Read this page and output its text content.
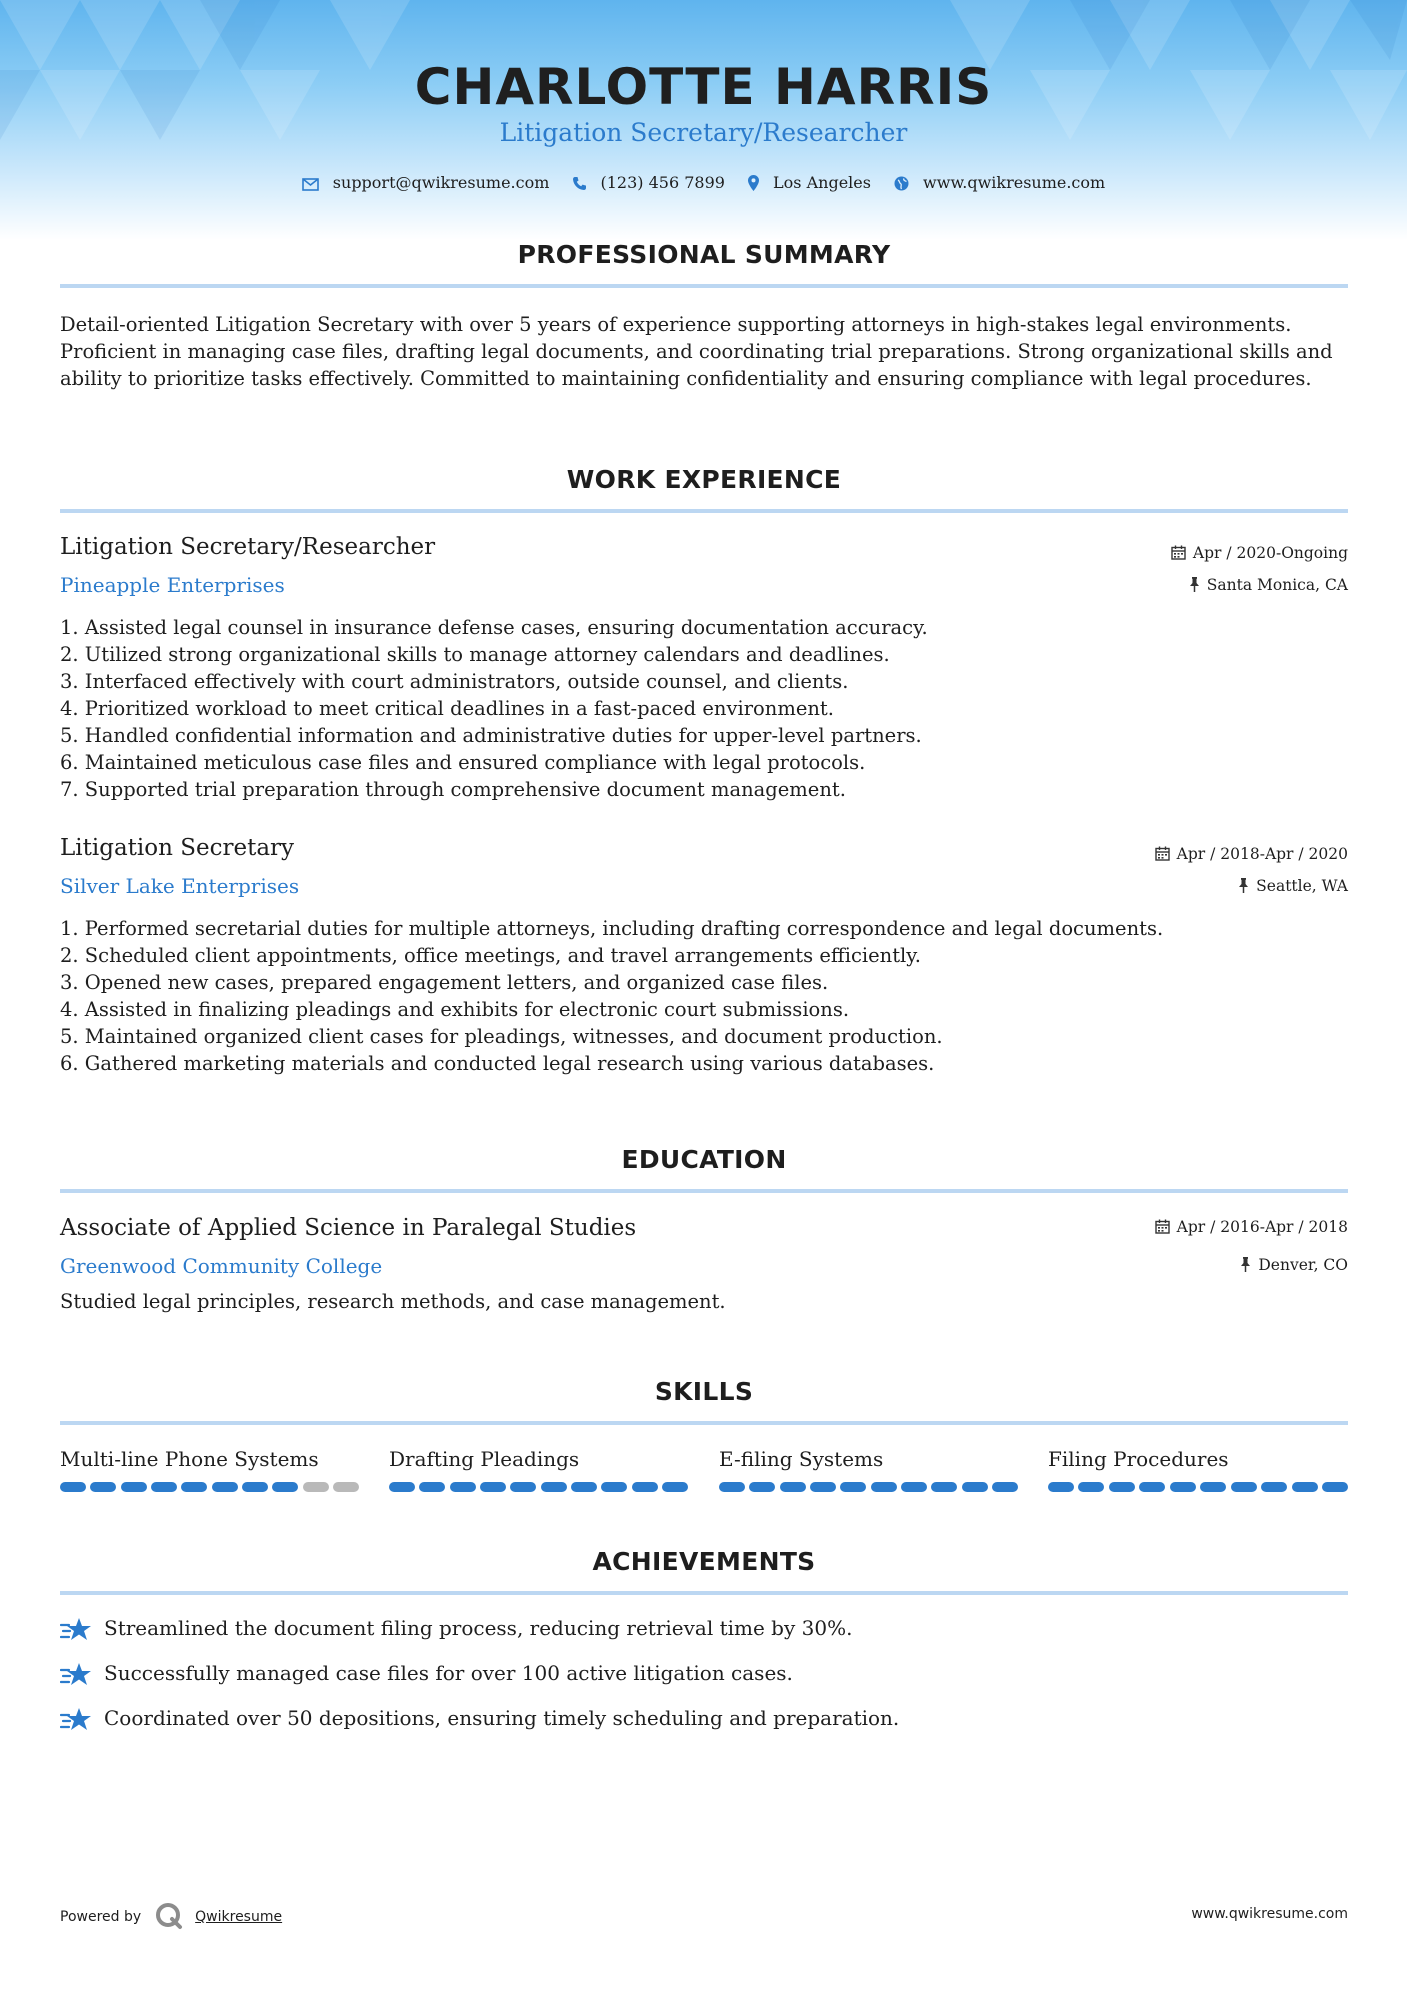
CHARLOTTE HARRIS
Litigation Secretary/Researcher
support@qwikresume.com	(123) 456 7899	Los Angeles	www.qwikresume.com
PROFESSIONAL SUMMARY

Detail-oriented Litigation Secretary with over 5 years of experience supporting attorneys in high-stakes legal environments. Proficient in managing case files, drafting legal documents, and coordinating trial preparations. Strong organizational skills and ability to prioritize tasks effectively. Committed to maintaining confidentiality and ensuring compliance with legal procedures.

WORK EXPERIENCE
Litigation Secretary/Researcher
Pineapple Enterprises
Apr / 2020-Ongoing
Santa Monica, CA
1. Assisted legal counsel in insurance defense cases, ensuring documentation accuracy.
2. Utilized strong organizational skills to manage attorney calendars and deadlines.
3. Interfaced effectively with court administrators, outside counsel, and clients.
4. Prioritized workload to meet critical deadlines in a fast-paced environment.
5. Handled confidential information and administrative duties for upper-level partners.
6. Maintained meticulous case files and ensured compliance with legal protocols.
7. Supported trial preparation through comprehensive document management.
Litigation Secretary
Silver Lake Enterprises
Apr / 2018-Apr / 2020
Seattle, WA
1. Performed secretarial duties for multiple attorneys, including drafting correspondence and legal documents.
2. Scheduled client appointments, office meetings, and travel arrangements efficiently.
3. Opened new cases, prepared engagement letters, and organized case files.
4. Assisted in finalizing pleadings and exhibits for electronic court submissions.
5. Maintained organized client cases for pleadings, witnesses, and document production.
6. Gathered marketing materials and conducted legal research using various databases.
EDUCATION
Associate of Applied Science in Paralegal Studies
Greenwood Community College
Apr / 2016-Apr / 2018
Denver, CO
Studied legal principles, research methods, and case management.
SKILLS
Multi-line Phone Systems	Drafting Pleadings	E-filing Systems	Filing Procedures
ACHIEVEMENTS
Streamlined the document filing process, reducing retrieval time by 30%.
Successfully managed case files for over 100 active litigation cases.
Coordinated over 50 depositions, ensuring timely scheduling and preparation.
Powered by	Qwikresume	www.qwikresume.com
